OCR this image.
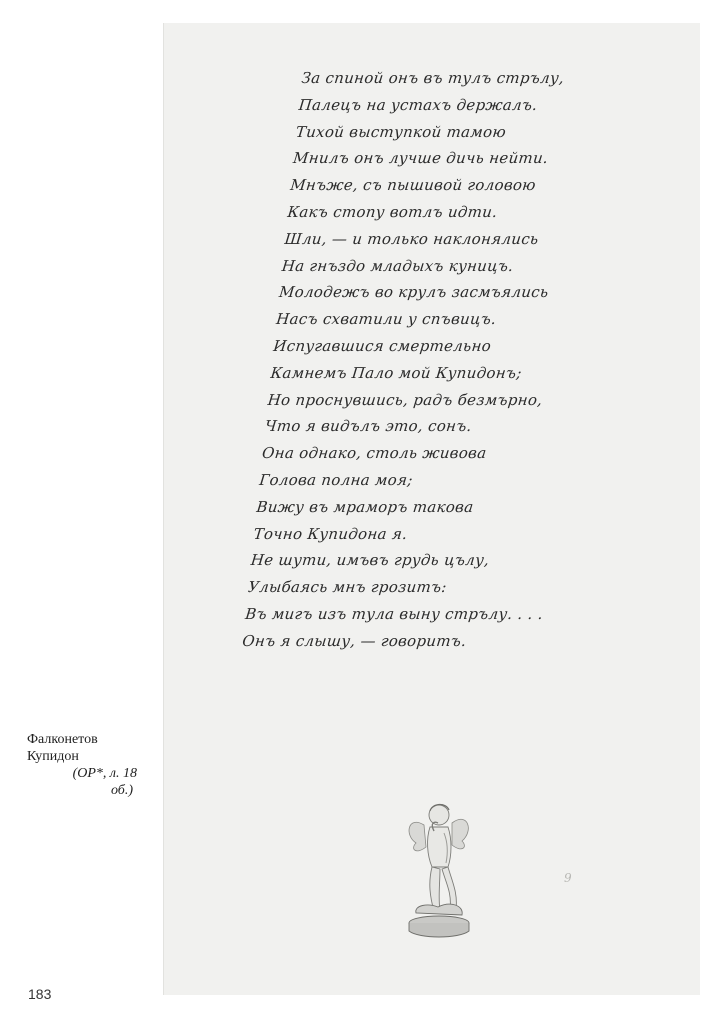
За спиной онъ въ тулъ стрълу,
Палецъ на устахъ держалъ.
Тихой выступкой тамою
Мнилъ онъ лучше дичь нейти.
Мнъже, съ пышивой головою
Какъ стопу вотлъ идти.
Шли, — и только наклонялись
На гнъздо младыхъ куницъ.
Молодежъ во крулъ засмъялись
Насъ схватили у спъвицъ.
Испугавшися смертельно
Камнемъ Пало мой Купидонъ;
Но проснувшись, радъ безмърно,
Что я видълъ это, сонъ.
Она однако, столь живова
Голова полна моя;
Вижу въ мраморъ такова
Точно Купидона я.
Не шути, имъвъ грудь цълу,
Улыбаясь мнъ грозитъ:
Въ мигъ изъ тула выну стрълу. . . .
Онъ я слышу, — говоритъ.
9
Фалконетов
Купидон

(ОР*, л. 18
об.)
183
